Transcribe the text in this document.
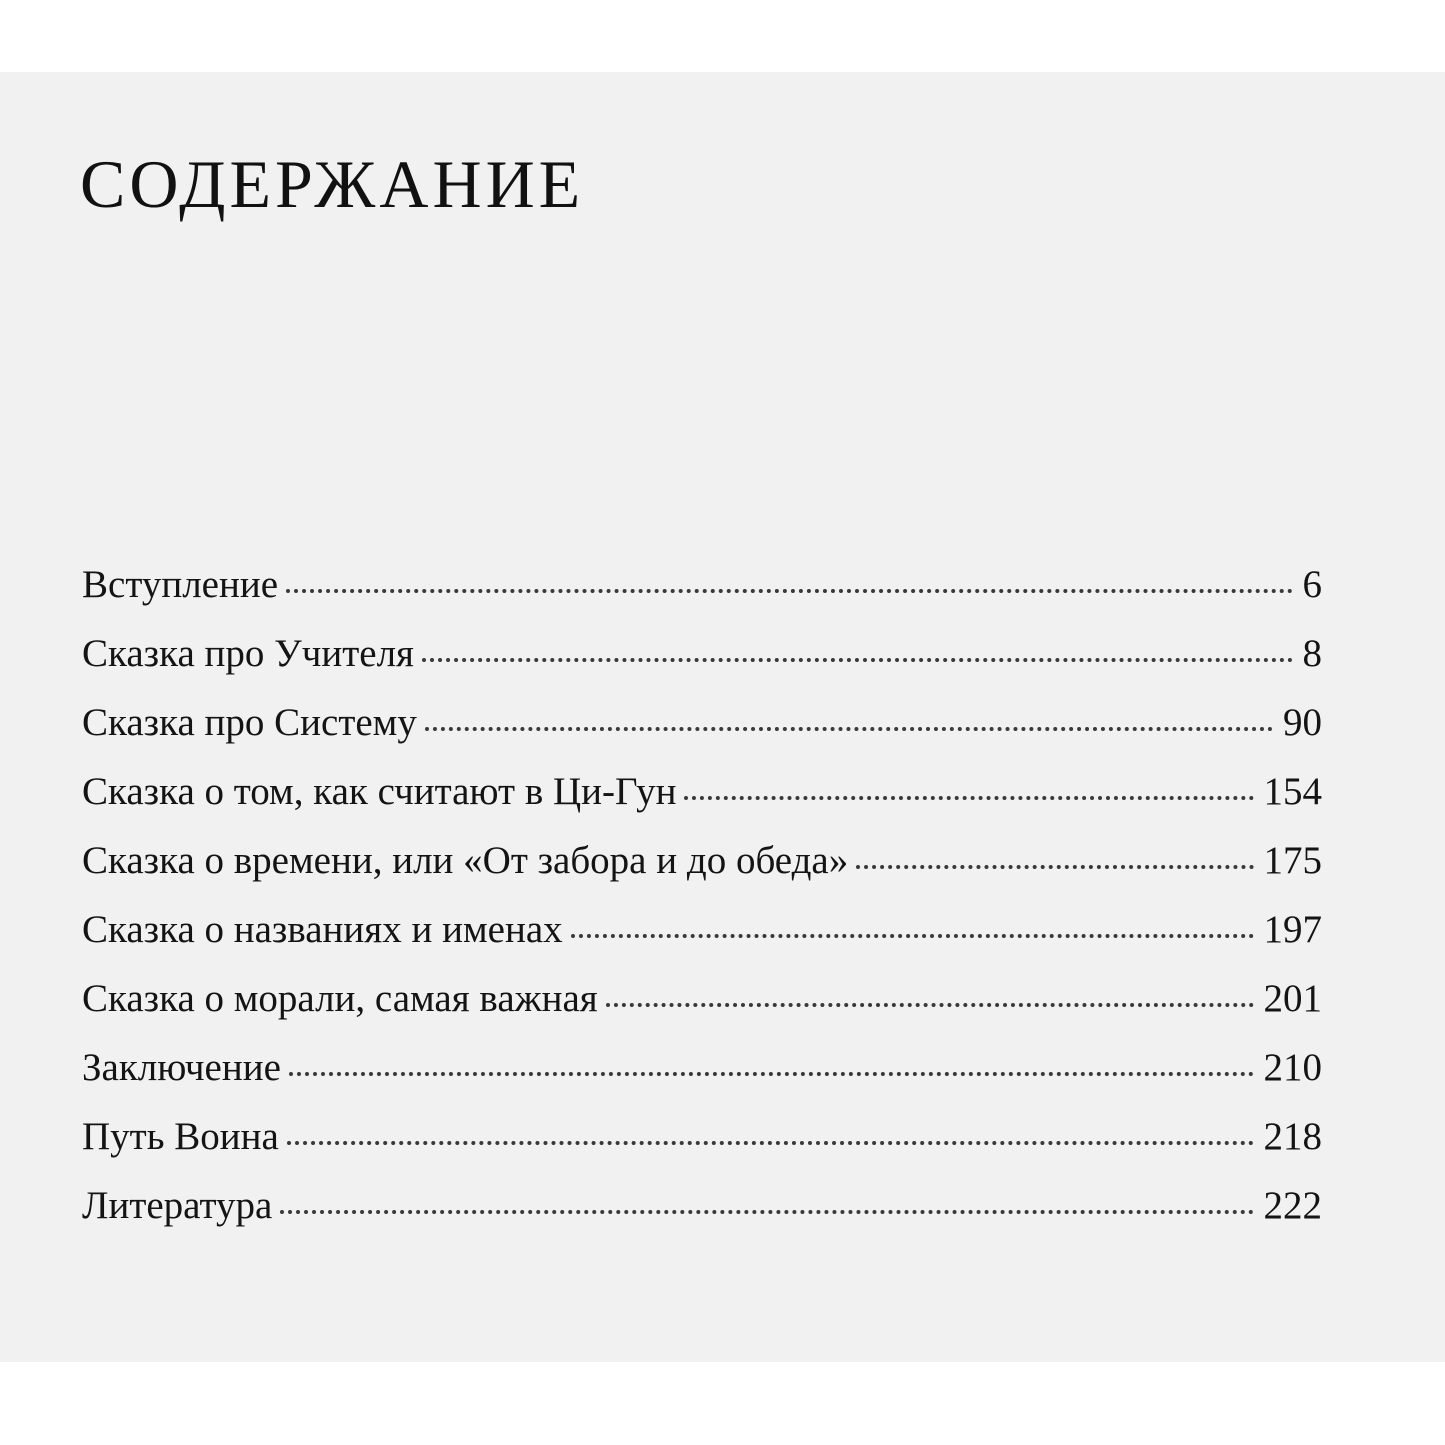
СОДЕРЖАНИЕ
Вступление	6
Сказка про Учителя	8
Сказка про Систему	90
Сказка о том, как считают в Ци-Гун	154
Сказка о времени, или «От забора и до обеда»	175
Сказка о названиях и именах	197
Сказка о морали, самая важная	201
Заключение	210
Путь Воина	218
Литература	222
